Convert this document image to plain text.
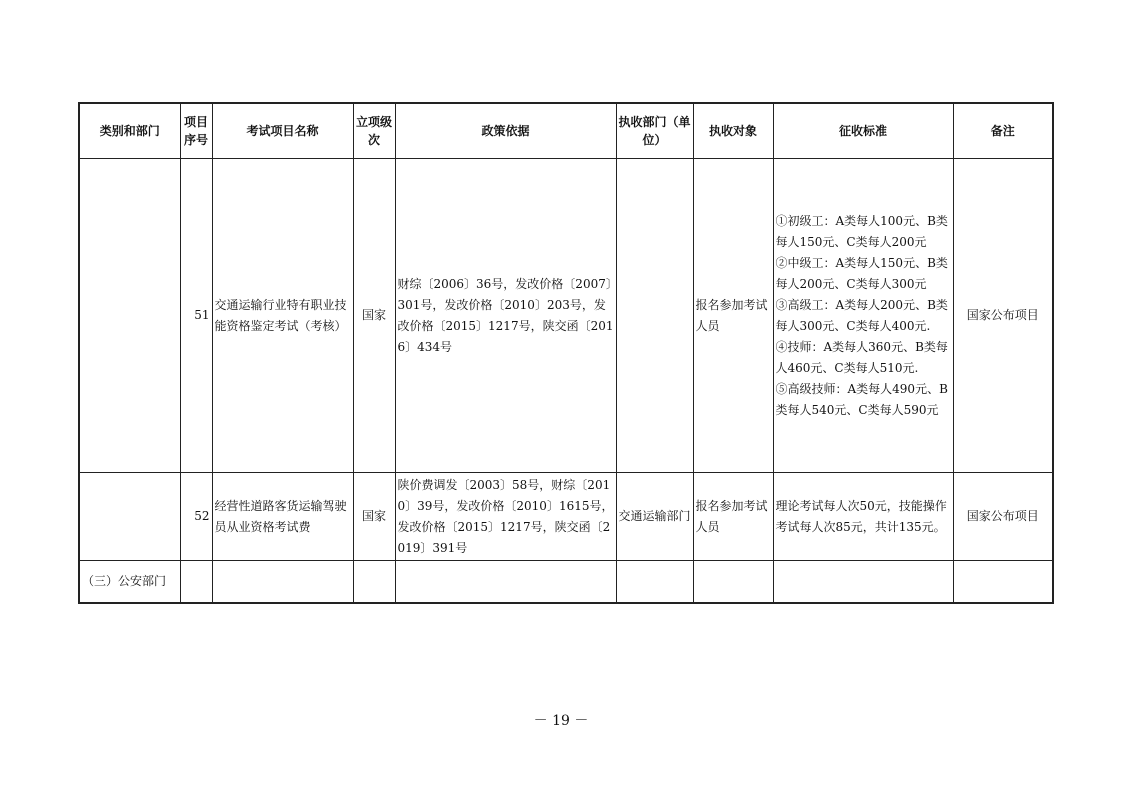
类别和部门	项目序号	考试项目名称	立项级次	政策依据	执收部门（单位）	执收对象	征收标准	备注
	51	交通运输行业特有职业技能资格鉴定考试（考核）	国家	财综〔2006〕36号，发改价格〔2007〕301号，发改价格〔2010〕203号，发改价格〔2015〕1217号，陕交函〔2016〕434号		报名参加考试人员	①初级工：A类每人100元、B类每人150元、C类每人200元
②中级工：A类每人150元、B类每人200元、C类每人300元
③高级工：A类每人200元、B类每人300元、C类每人400元.
④技师：A类每人360元、B类每人460元、C类每人510元.
⑤高级技师：A类每人490元、B类每人540元、C类每人590元	国家公布项目
	52	经营性道路客货运输驾驶员从业资格考试费	国家	陕价费调发〔2003〕58号，财综〔2010〕39号，发改价格〔2010〕1615号，发改价格〔2015〕1217号，陕交函〔2019〕391号	交通运输部门	报名参加考试人员	理论考试每人次50元，技能操作考试每人次85元，共计135元。	国家公布项目
（三）公安部门								
－ 19 －
